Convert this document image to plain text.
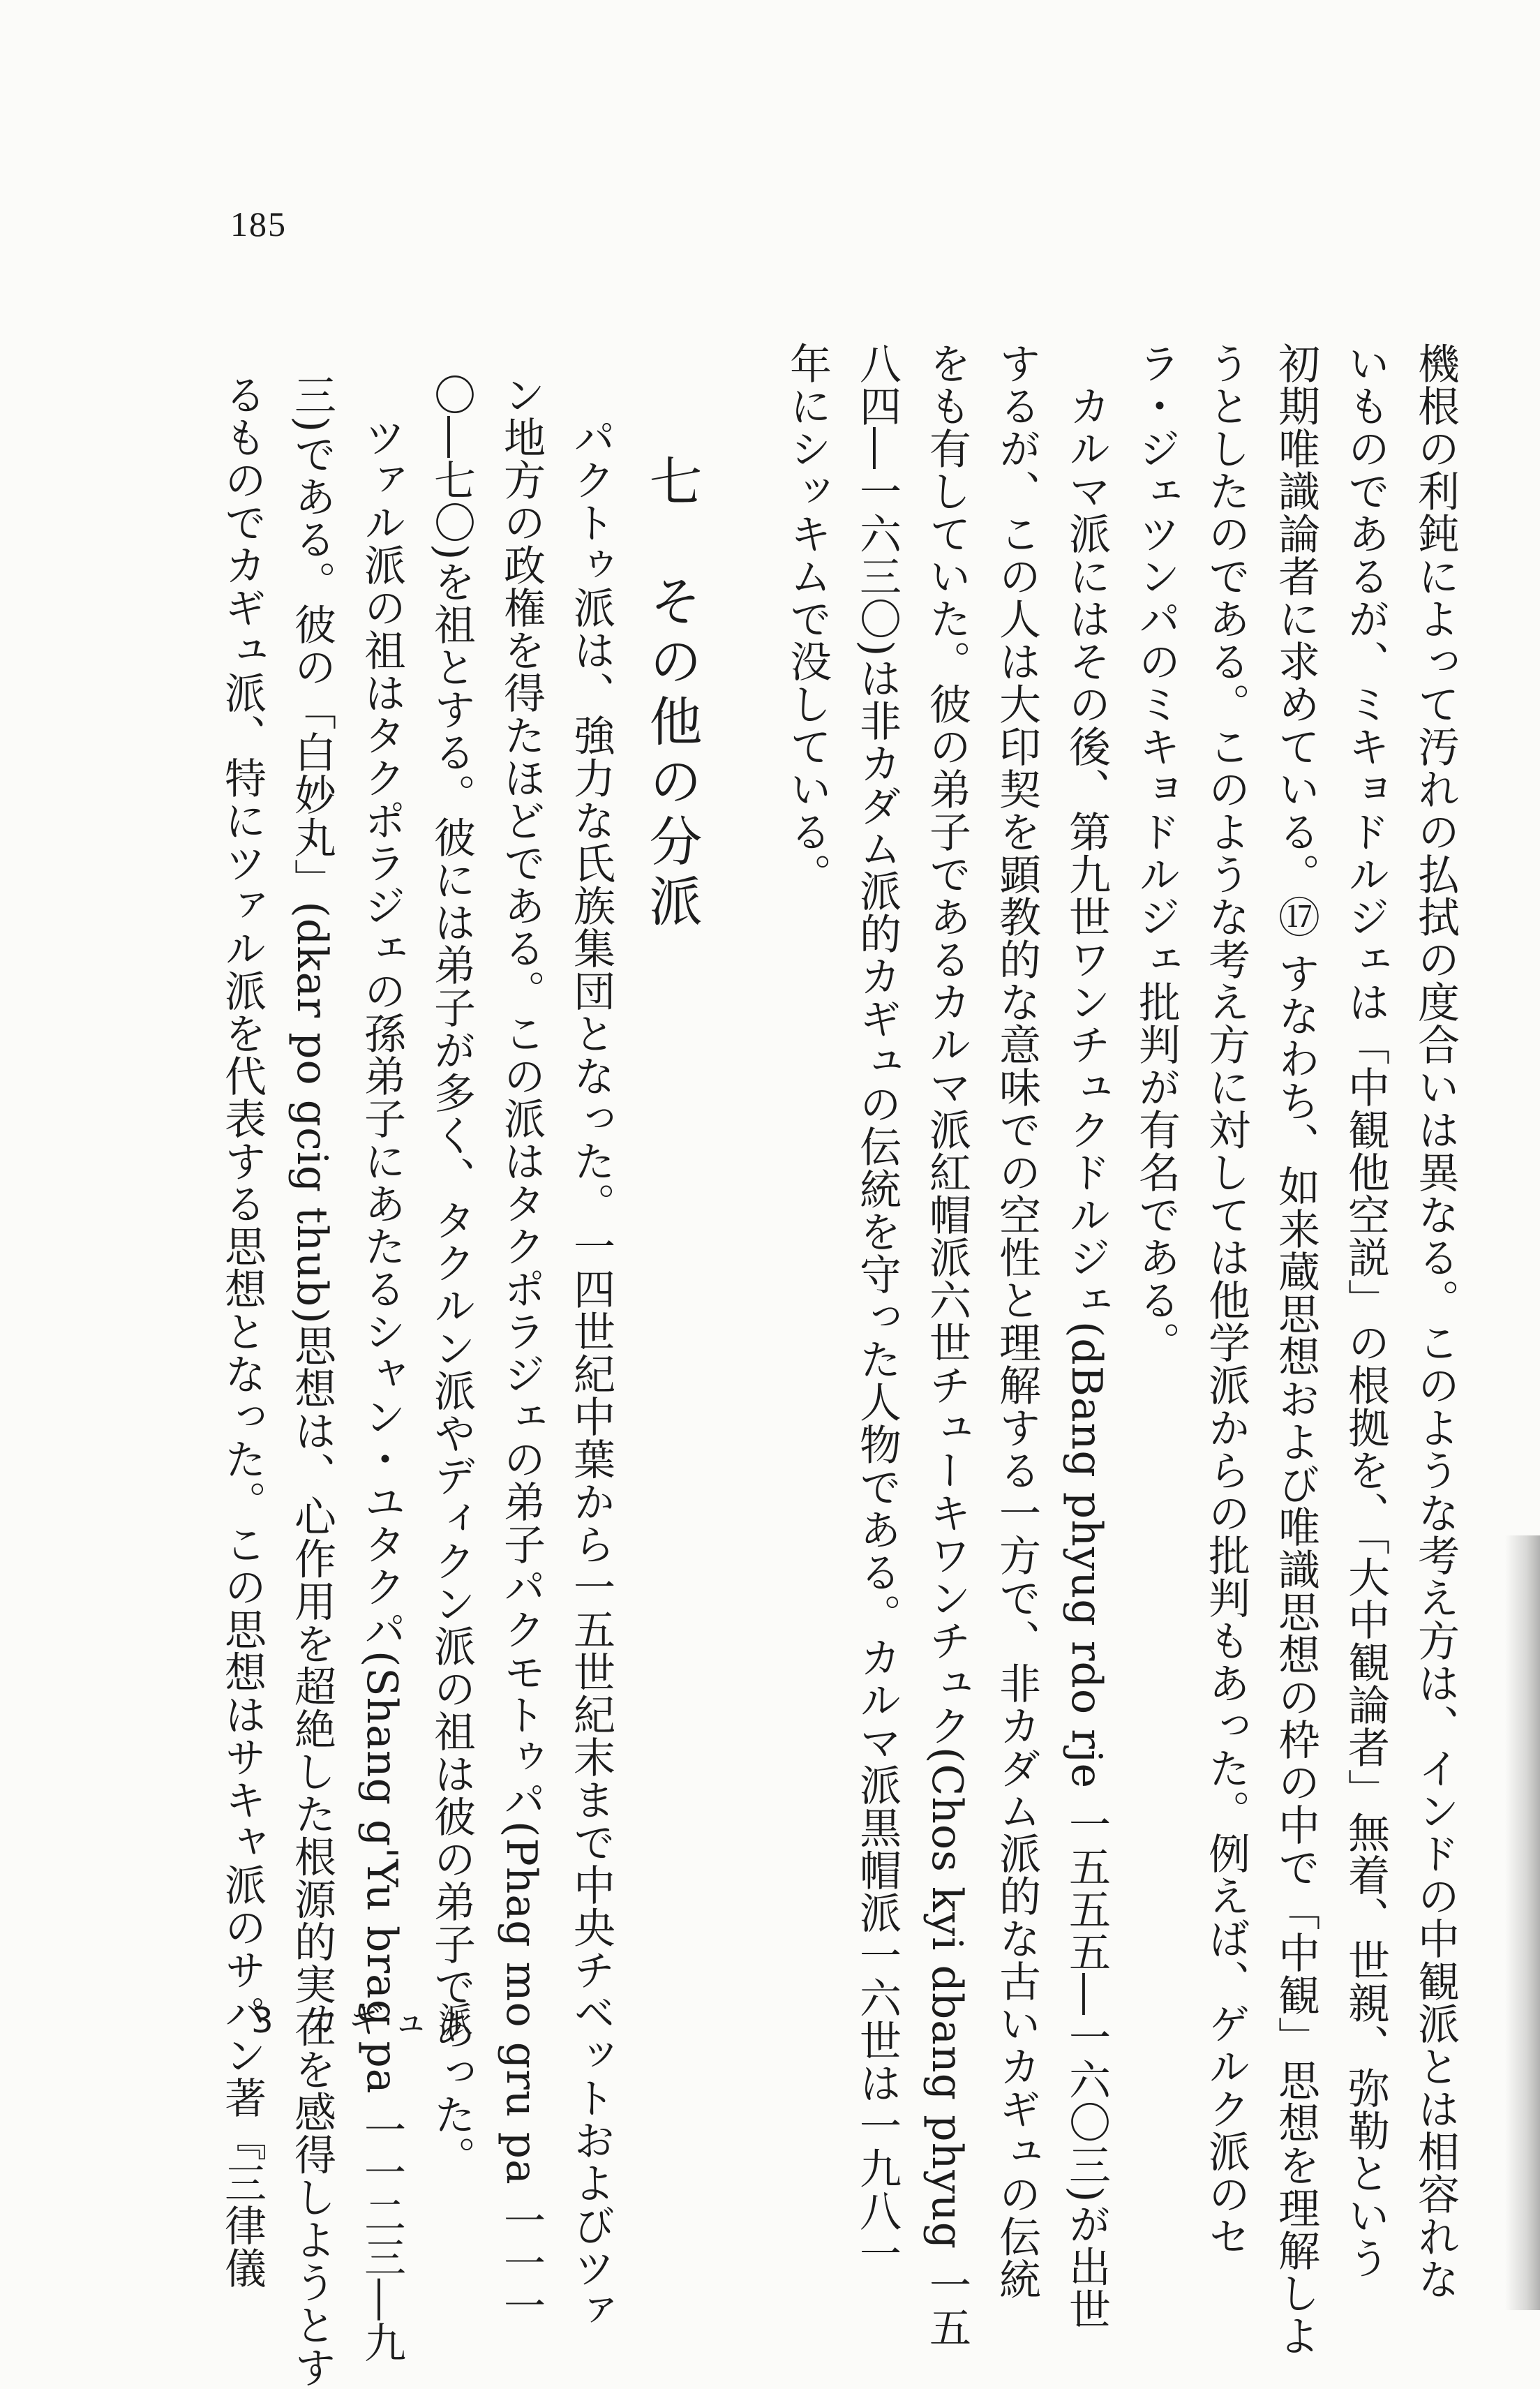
185
機根の利鈍によって汚れの払拭の度合いは異なる。このような考え方は、インドの中観派とは相容れな
いものであるが、ミキョドルジェは「中観他空説」の根拠を、「大中観論者」無着、世親、弥勒という
初期唯識論者に求めている。⑰ すなわち、如来蔵思想および唯識思想の枠の中で「中観」思想を理解しよ
うとしたのである。このような考え方に対しては他学派からの批判もあった。例えば、ゲルク派のセ
ラ・ジェツンパのミキョドルジェ批判が有名である。
　カルマ派にはその後、第九世ワンチュクドルジェ(dBang phyug rdo rje 一五五五―一六〇三)が出世
するが、この人は大印契を顕教的な意味での空性と理解する一方で、非カダム派的な古いカギュの伝統
をも有していた。彼の弟子であるカルマ派紅帽派六世チューキワンチュク(Chos kyi dbang phyug 一五
八四―一六三〇)は非カダム派的カギュの伝統を守った人物である。カルマ派黒帽派一六世は一九八一
年にシッキムで没している。
七　その他の分派
　パクトゥ派は、強力な氏族集団となった。一四世紀中葉から一五世紀末まで中央チベットおよびツァ
ン地方の政権を得たほどである。この派はタクポラジェの弟子パクモトゥパ(Phag mo gru pa 一一一
〇―七〇)を祖とする。彼には弟子が多く、タクルン派やディクン派の祖は彼の弟子であった。
　ツァル派の祖はタクポラジェの孫弟子にあたるシャン・ユタクパ(Shang g'Yu brag pa 一一二三―九
三)である。彼の「白妙丸」(dkar po gcig thub)思想は、心作用を超絶した根源的実在を感得しようとす
るものでカギュ派、特にツァル派を代表する思想となった。この思想はサキャ派のサパン著『三律儀
3 カギュ派
